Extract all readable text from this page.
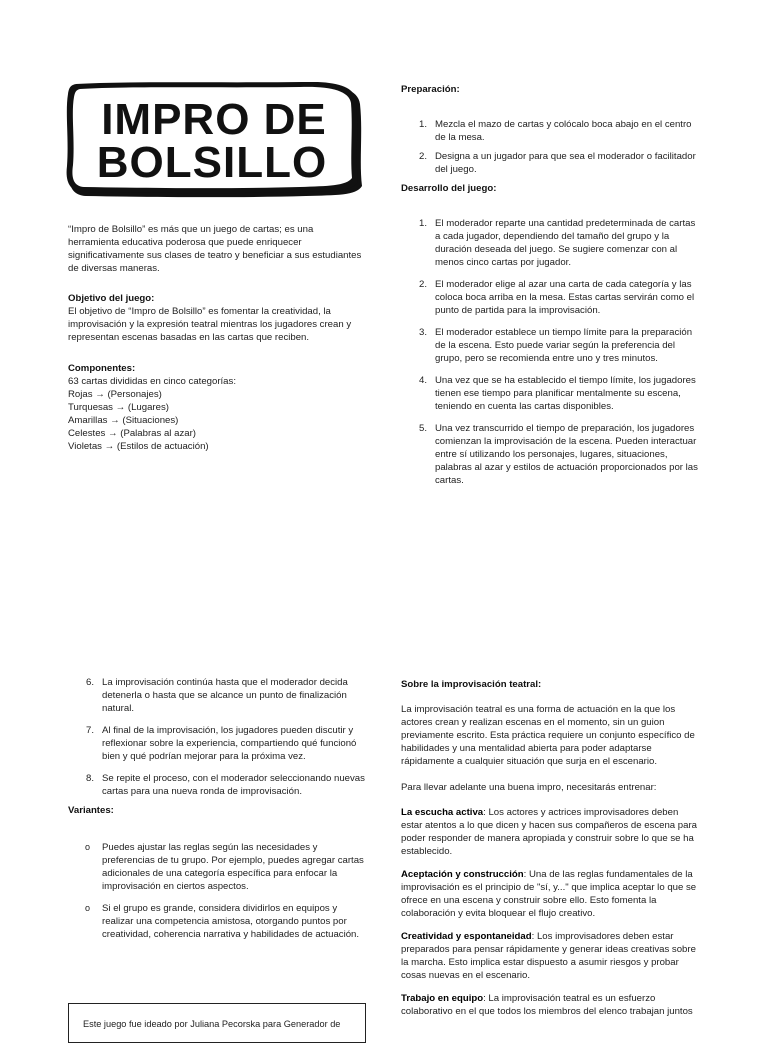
IMPRO DE
BOLSILLO

“Impro de Bolsillo” es más que un juego de cartas; es una herramienta educativa poderosa que puede enriquecer significativamente sus clases de teatro y beneficiar a sus estudiantes de diversas maneras.

Objetivo del juego:

El objetivo de “Impro de Bolsillo” es fomentar la creatividad, la improvisación y la expresión teatral mientras los jugadores crean y representan escenas basadas en las cartas que reciben.

Componentes:

63 cartas divididas en cinco categorías:

Rojas → (Personajes)

Turquesas → (Lugares)

Amarillas → (Situaciones)

Celestes → (Palabras al azar)

Violetas → (Estilos de actuación)

Preparación:

1. Mezcla el mazo de cartas y colócalo boca abajo en el centro de la mesa.
2. Designa a un jugador para que sea el moderador o facilitador del juego.

Desarrollo del juego:

1. El moderador reparte una cantidad predeterminada de cartas a cada jugador, dependiendo del tamaño del grupo y la duración deseada del juego. Se sugiere comenzar con al menos cinco cartas por jugador.
2. El moderador elige al azar una carta de cada categoría y las coloca boca arriba en la mesa. Estas cartas servirán como el punto de partida para la improvisación.
3. El moderador establece un tiempo límite para la preparación de la escena. Esto puede variar según la preferencia del grupo, pero se recomienda entre uno y tres minutos.
4. Una vez que se ha establecido el tiempo límite, los jugadores tienen ese tiempo para planificar mentalmente su escena, teniendo en cuenta las cartas disponibles.
5. Una vez transcurrido el tiempo de preparación, los jugadores comienzan la improvisación de la escena. Pueden interactuar entre sí utilizando los personajes, lugares, situaciones, palabras al azar y estilos de actuación proporcionados por las cartas.
6. La improvisación continúa hasta que el moderador decida detenerla o hasta que se alcance un punto de finalización natural.
7. Al final de la improvisación, los jugadores pueden discutir y reflexionar sobre la experiencia, compartiendo qué funcionó bien y qué podrían mejorar para la próxima vez.
8. Se repite el proceso, con el moderador seleccionando nuevas cartas para una nueva ronda de improvisación.

Variantes:

o Puedes ajustar las reglas según las necesidades y preferencias de tu grupo. Por ejemplo, puedes agregar cartas adicionales de una categoría específica para enfocar la improvisación en ciertos aspectos.
o Si el grupo es grande, considera dividirlos en equipos y realizar una competencia amistosa, otorgando puntos por creatividad, coherencia narrativa y habilidades de actuación.

Sobre la improvisación teatral:

La improvisación teatral es una forma de actuación en la que los actores crean y realizan escenas en el momento, sin un guion previamente escrito. Esta práctica requiere un conjunto específico de habilidades y una mentalidad abierta para poder adaptarse rápidamente a cualquier situación que surja en el escenario.

Para llevar adelante una buena impro, necesitarás entrenar:

La escucha activa: Los actores y actrices improvisadores deben estar atentos a lo que dicen y hacen sus compañeros de escena para poder responder de manera apropiada y construir sobre lo que se ha establecido.

Aceptación y construcción: Una de las reglas fundamentales de la improvisación es el principio de "sí, y..." que implica aceptar lo que se ofrece en una escena y construir sobre ello. Esto fomenta la colaboración y evita bloquear el flujo creativo.

Creatividad y espontaneidad: Los improvisadores deben estar preparados para pensar rápidamente y generar ideas creativas sobre la marcha. Esto implica estar dispuesto a asumir riesgos y probar cosas nuevas en el escenario.

Trabajo en equipo: La improvisación teatral es un esfuerzo colaborativo en el que todos los miembros del elenco trabajan juntos

Este juego fue ideado por Juliana Pecorska para Generador de
